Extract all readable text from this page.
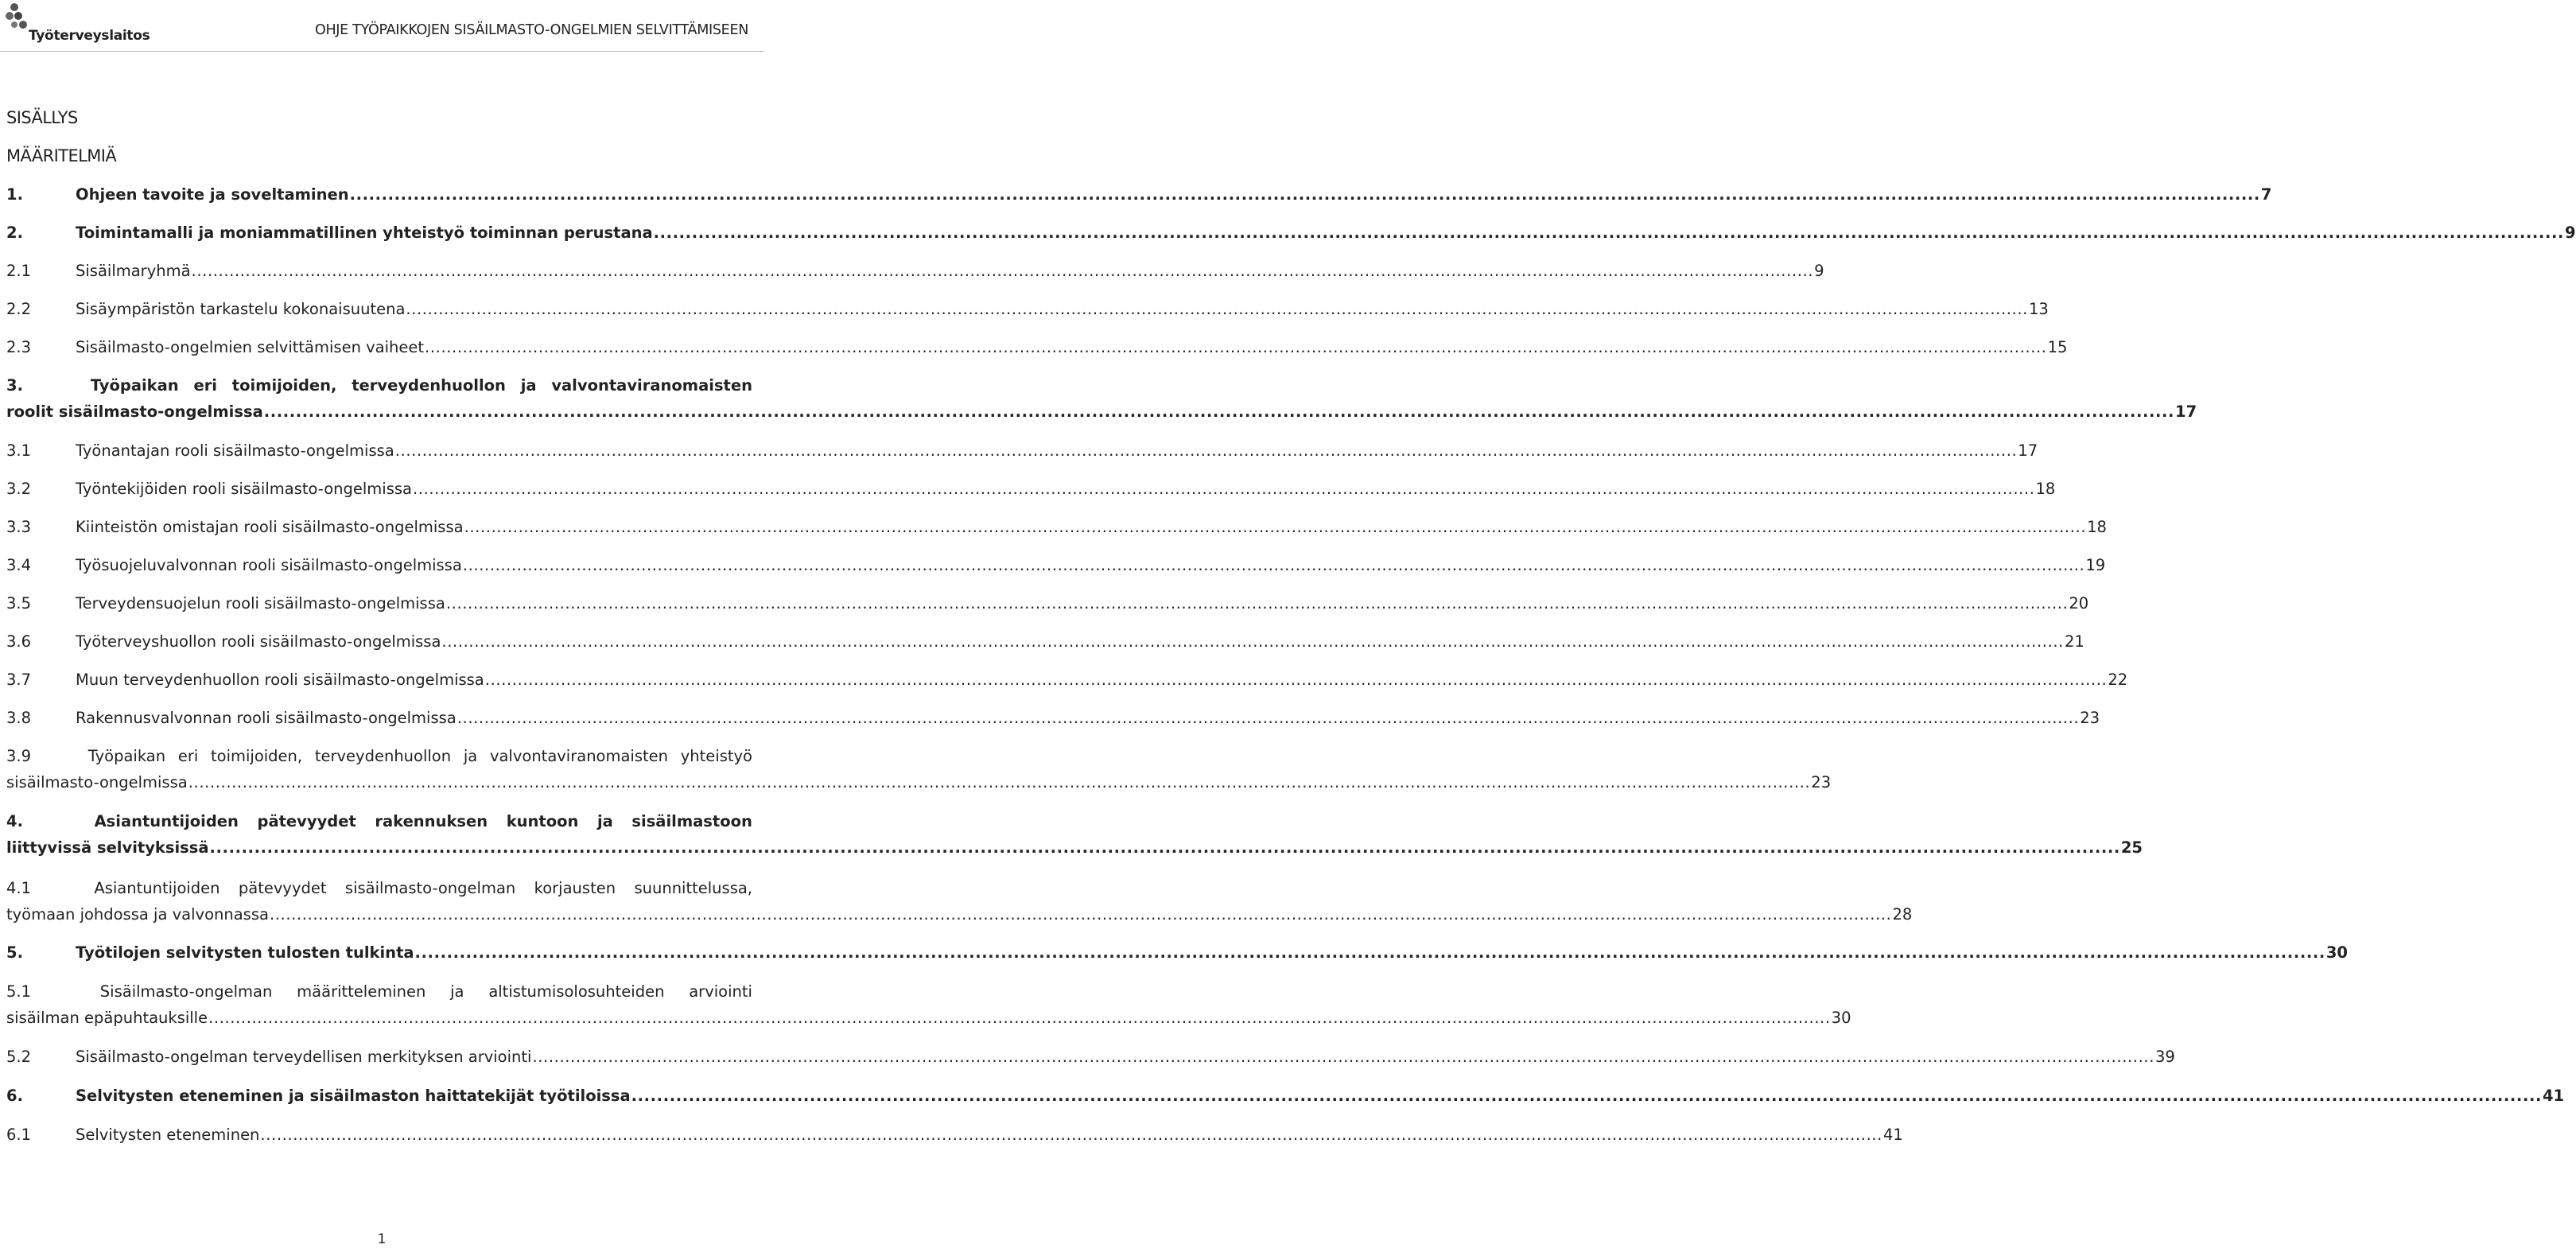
Työterveyslaitos	OHJE TYÖPAIKKOJEN SISÄILMASTO-ONGELMIEN SELVITTÄMISEEN
SISÄLLYS
MÄÄRITELMIÄ
1.	Ohjeen tavoite ja soveltaminen ............................................................................................................................................................................................................................................................................................................ 7
2.	Toimintamalli ja moniammatillinen yhteistyö toiminnan perustana ............................................................................................................................................................................................................................................................................................................ 9
2.1	Sisäilmaryhmä ............................................................................................................................................................................................................................................................................................................ 9
2.2	Sisäympäristön tarkastelu kokonaisuutena ............................................................................................................................................................................................................................................................................................................ 13
2.3	Sisäilmasto-ongelmien selvittämisen vaiheet ............................................................................................................................................................................................................................................................................................................ 15
3.	Työpaikan eri toimijoiden, terveydenhuollon ja valvontaviranomaisten
roolit sisäilmasto-ongelmissa ............................................................................................................................................................................................................................................................................................................ 17
3.1	Työnantajan rooli sisäilmasto-ongelmissa ............................................................................................................................................................................................................................................................................................................ 17
3.2	Työntekijöiden rooli sisäilmasto-ongelmissa ............................................................................................................................................................................................................................................................................................................ 18
3.3	Kiinteistön omistajan rooli sisäilmasto-ongelmissa ............................................................................................................................................................................................................................................................................................................ 18
3.4	Työsuojeluvalvonnan rooli sisäilmasto-ongelmissa ............................................................................................................................................................................................................................................................................................................ 19
3.5	Terveydensuojelun rooli sisäilmasto-ongelmissa ............................................................................................................................................................................................................................................................................................................ 20
3.6	Työterveyshuollon rooli sisäilmasto-ongelmissa ............................................................................................................................................................................................................................................................................................................ 21
3.7	Muun terveydenhuollon rooli sisäilmasto-ongelmissa ............................................................................................................................................................................................................................................................................................................ 22
3.8	Rakennusvalvonnan rooli sisäilmasto-ongelmissa ............................................................................................................................................................................................................................................................................................................ 23
3.9	Työpaikan eri toimijoiden, terveydenhuollon ja valvontaviranomaisten yhteistyö
sisäilmasto-ongelmissa ............................................................................................................................................................................................................................................................................................................ 23
4.	Asiantuntijoiden pätevyydet rakennuksen kuntoon ja sisäilmastoon
liittyvissä selvityksissä ............................................................................................................................................................................................................................................................................................................ 25
4.1	Asiantuntijoiden pätevyydet sisäilmasto-ongelman korjausten suunnittelussa,
työmaan johdossa ja valvonnassa ............................................................................................................................................................................................................................................................................................................ 28
5.	Työtilojen selvitysten tulosten tulkinta ............................................................................................................................................................................................................................................................................................................ 30
5.1	Sisäilmasto-ongelman määritteleminen ja altistumisolosuhteiden arviointi
sisäilman epäpuhtauksille ............................................................................................................................................................................................................................................................................................................ 30
5.2	Sisäilmasto-ongelman terveydellisen merkityksen arviointi ............................................................................................................................................................................................................................................................................................................ 39
6.	Selvitysten eteneminen ja sisäilmaston haittatekijät työtiloissa ............................................................................................................................................................................................................................................................................................................ 41
6.1	Selvitysten eteneminen ............................................................................................................................................................................................................................................................................................................ 41
1
